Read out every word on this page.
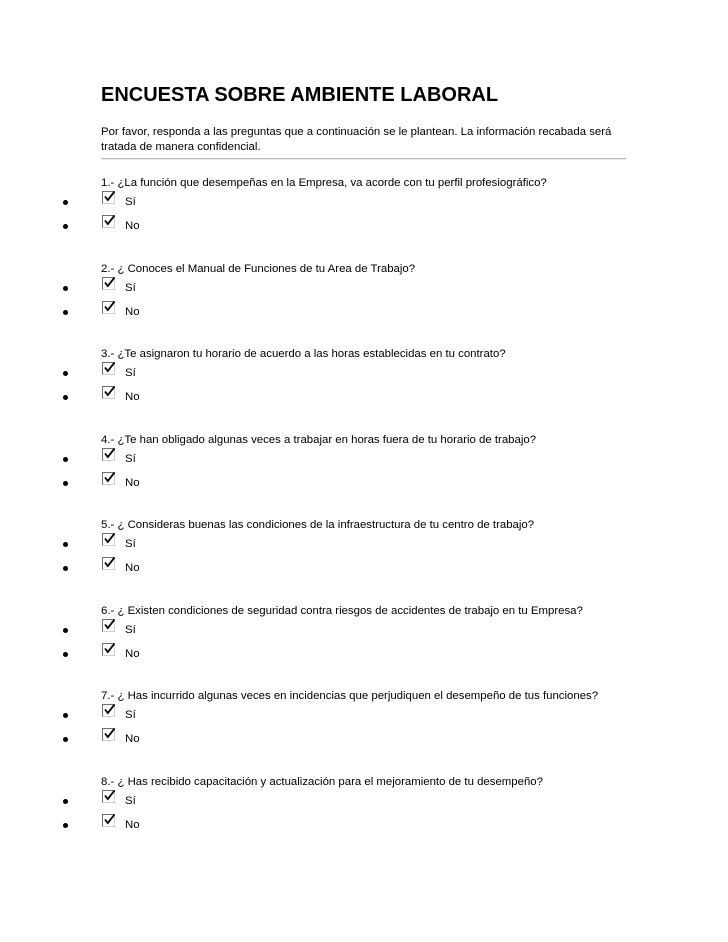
ENCUESTA SOBRE AMBIENTE LABORAL
Por favor, responda a las preguntas que a continuación se le plantean. La información recabada será tratada de manera confidencial.
1.- ¿La función que desempeñas en la Empresa, va acorde con tu perfil profesiográfico?
Sí
No
2.- ¿ Conoces el Manual de Funciones de tu Area de Trabajo?
Sí
No
3.- ¿Te asignaron tu horario de acuerdo a las horas establecidas en tu contrato?
Sí
No
4.- ¿Te han obligado algunas veces a trabajar en horas fuera de tu horario de trabajo?
Sí
No
5.- ¿ Consideras buenas las condiciones de la infraestructura de tu centro de trabajo?
Sí
No
6.- ¿ Existen condiciones de seguridad contra riesgos de accidentes de trabajo en tu Empresa?
Sí
No
7.- ¿ Has incurrido algunas veces en incidencias que perjudiquen el desempeño de tus funciones?
Sí
No
8.- ¿ Has recibido capacitación y actualización para el mejoramiento de tu desempeño?
Sí
No
